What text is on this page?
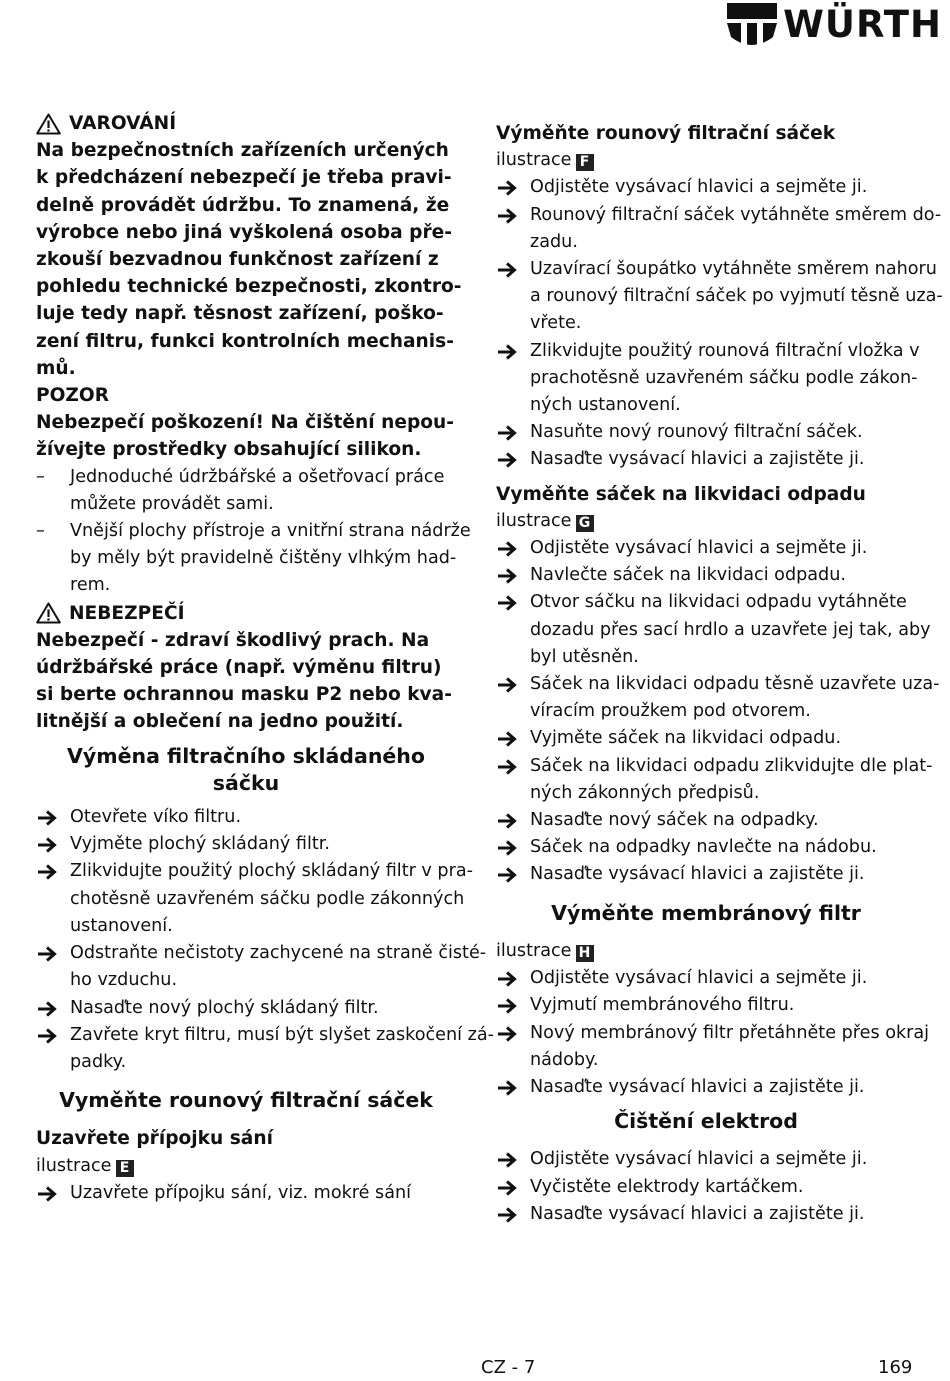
WÜRTH
VAROVÁNÍ
Na bezpečnostních zařízeních určených
k předcházení nebezpečí je třeba pravi-
delně provádět údržbu. To znamená, že
výrobce nebo jiná vyškolená osoba pře-
zkouší bezvadnou funkčnost zařízení z
pohledu technické bezpečnosti, zkontro-
luje tedy např. těsnost zařízení, poško-
zení filtru, funkci kontrolních mechanis-
mů.
POZOR
Nebezpečí poškození! Na čištění nepou-
žívejte prostředky obsahující silikon.
–	Jednoduché údržbářské a ošetřovací práce
můžete provádět sami.
–	Vnější plochy přístroje a vnitřní strana nádrže
by měly být pravidelně čištěny vlhkým had-
rem.
NEBEZPEČÍ
Nebezpečí - zdraví škodlivý prach. Na
údržbářské práce (např. výměnu filtru)
si berte ochrannou masku P2 nebo kva-
litnější a oblečení na jedno použití.
Výměna filtračního skládaného
sáčku
Otevřete víko filtru.
Vyjměte plochý skládaný filtr.
Zlikvidujte použitý plochý skládaný filtr v pra-
chotěsně uzavřeném sáčku podle zákonných
ustanovení.
Odstraňte nečistoty zachycené na straně čisté-
ho vzduchu.
Nasaďte nový plochý skládaný filtr.
Zavřete kryt filtru, musí být slyšet zaskočení zá-
padky.
Vyměňte rounový filtrační sáček
Uzavřete přípojku sání
ilustrace E
Uzavřete přípojku sání, viz. mokré sání
Výměňte rounový filtrační sáček
ilustrace F
Odjistěte vysávací hlavici a sejměte ji.
Rounový filtrační sáček vytáhněte směrem do-
zadu.
Uzavírací šoupátko vytáhněte směrem nahoru
a rounový filtrační sáček po vyjmutí těsně uza-
vřete.
Zlikvidujte použitý rounová filtrační vložka v
prachotěsně uzavřeném sáčku podle zákon-
ných ustanovení.
Nasuňte nový rounový filtrační sáček.
Nasaďte vysávací hlavici a zajistěte ji.
Vyměňte sáček na likvidaci odpadu
ilustrace G
Odjistěte vysávací hlavici a sejměte ji.
Navlečte sáček na likvidaci odpadu.
Otvor sáčku na likvidaci odpadu vytáhněte
dozadu přes sací hrdlo a uzavřete jej tak, aby
byl utěsněn.
Sáček na likvidaci odpadu těsně uzavřete uza-
víracím proužkem pod otvorem.
Vyjměte sáček na likvidaci odpadu.
Sáček na likvidaci odpadu zlikvidujte dle plat-
ných zákonných předpisů.
Nasaďte nový sáček na odpadky.
Sáček na odpadky navlečte na nádobu.
Nasaďte vysávací hlavici a zajistěte ji.
Výměňte membránový filtr
ilustrace H
Odjistěte vysávací hlavici a sejměte ji.
Vyjmutí membránového filtru.
Nový membránový filtr přetáhněte přes okraj
nádoby.
Nasaďte vysávací hlavici a zajistěte ji.
Čištění elektrod
Odjistěte vysávací hlavici a sejměte ji.
Vyčistěte elektrody kartáčkem.
Nasaďte vysávací hlavici a zajistěte ji.
CZ - 7	169
